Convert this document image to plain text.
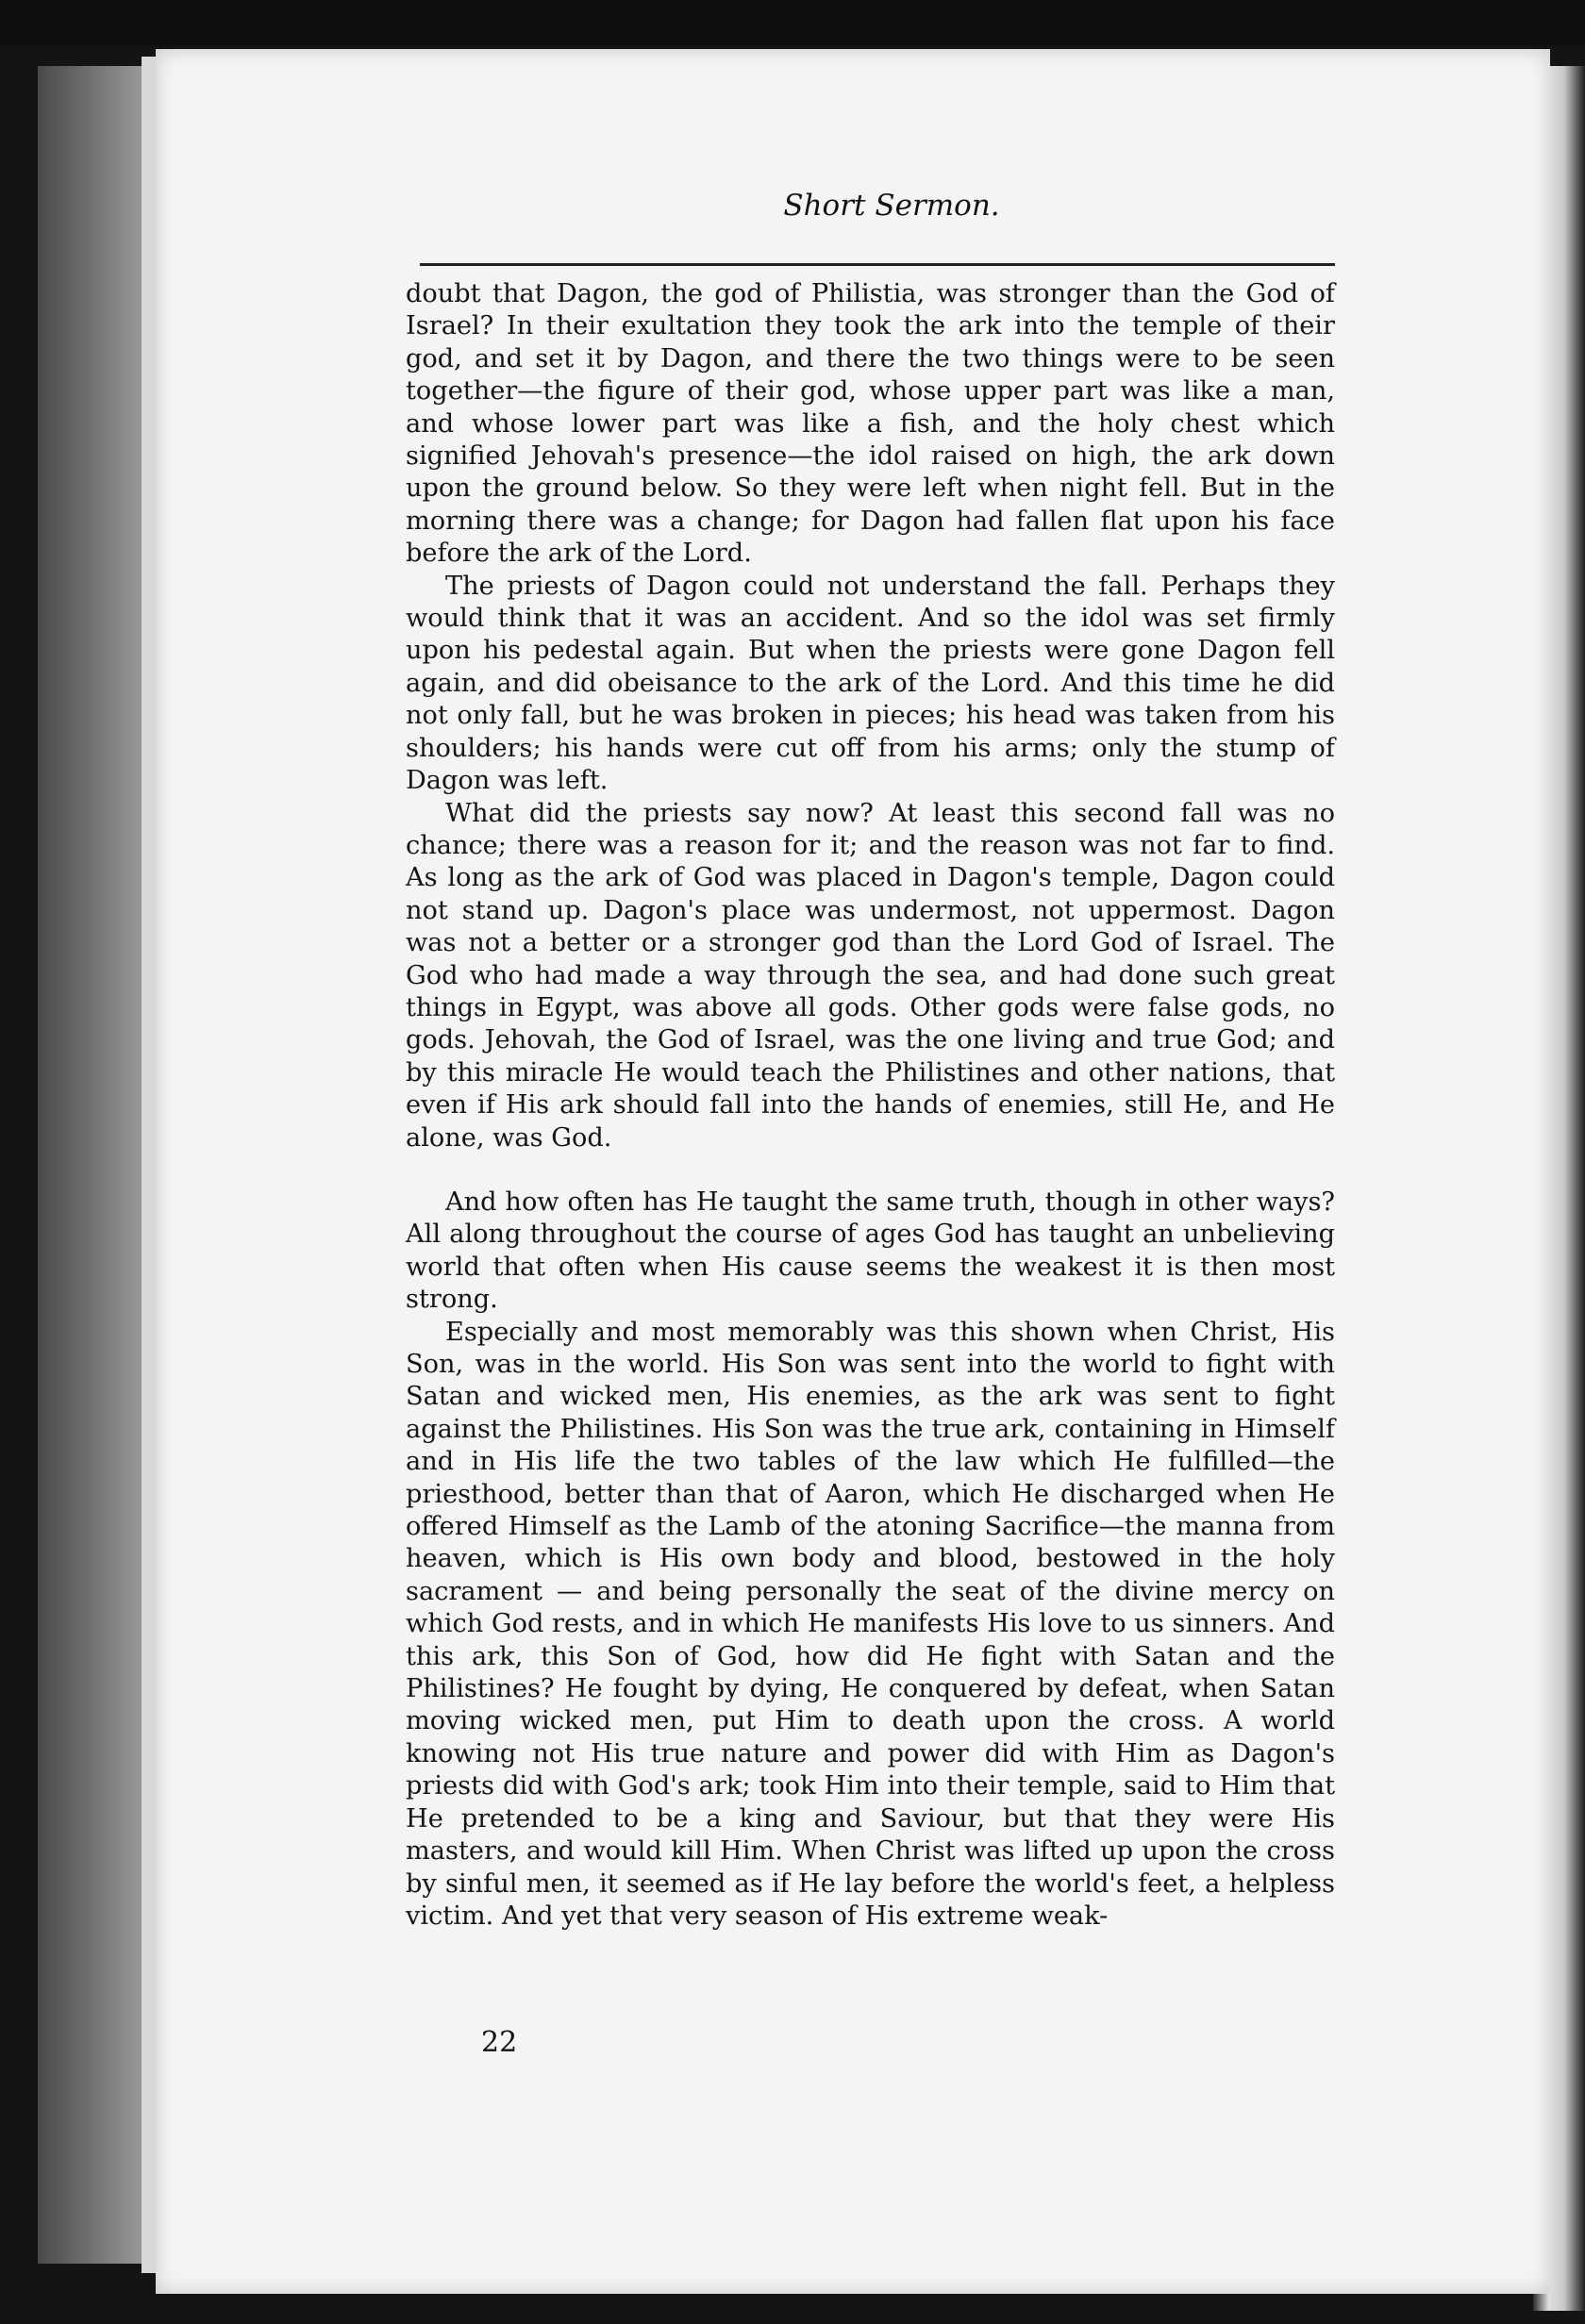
Short Sermon.

doubt that Dagon, the god of Philistia, was stronger than the God of Israel? In their exultation they took the ark into the temple of their god, and set it by Dagon, and there the two things were to be seen together—the figure of their god, whose upper part was like a man, and whose lower part was like a fish, and the holy chest which signified Jehovah's presence—the idol raised on high, the ark down upon the ground below. So they were left when night fell. But in the morning there was a change; for Dagon had fallen flat upon his face before the ark of the Lord.

The priests of Dagon could not understand the fall. Perhaps they would think that it was an accident. And so the idol was set firmly upon his pedestal again. But when the priests were gone Dagon fell again, and did obeisance to the ark of the Lord. And this time he did not only fall, but he was broken in pieces; his head was taken from his shoulders; his hands were cut off from his arms; only the stump of Dagon was left.

What did the priests say now? At least this second fall was no chance; there was a reason for it; and the reason was not far to find. As long as the ark of God was placed in Dagon's temple, Dagon could not stand up. Dagon's place was undermost, not uppermost. Dagon was not a better or a stronger god than the Lord God of Israel. The God who had made a way through the sea, and had done such great things in Egypt, was above all gods. Other gods were false gods, no gods. Jehovah, the God of Israel, was the one living and true God; and by this miracle He would teach the Philistines and other nations, that even if His ark should fall into the hands of enemies, still He, and He alone, was God.

And how often has He taught the same truth, though in other ways? All along throughout the course of ages God has taught an unbelieving world that often when His cause seems the weakest it is then most strong.

Especially and most memorably was this shown when Christ, His Son, was in the world. His Son was sent into the world to fight with Satan and wicked men, His enemies, as the ark was sent to fight against the Philistines. His Son was the true ark, containing in Himself and in His life the two tables of the law which He fulfilled—the priesthood, better than that of Aaron, which He discharged when He offered Himself as the Lamb of the atoning Sacrifice—the manna from heaven, which is His own body and blood, bestowed in the holy sacrament — and being personally the seat of the divine mercy on which God rests, and in which He manifests His love to us sinners. And this ark, this Son of God, how did He fight with Satan and the Philistines? He fought by dying, He conquered by defeat, when Satan moving wicked men, put Him to death upon the cross. A world knowing not His true nature and power did with Him as Dagon's priests did with God's ark; took Him into their temple, said to Him that He pretended to be a king and Saviour, but that they were His masters, and would kill Him. When Christ was lifted up upon the cross by sinful men, it seemed as if He lay before the world's feet, a helpless victim. And yet that very season of His extreme weak-

22
